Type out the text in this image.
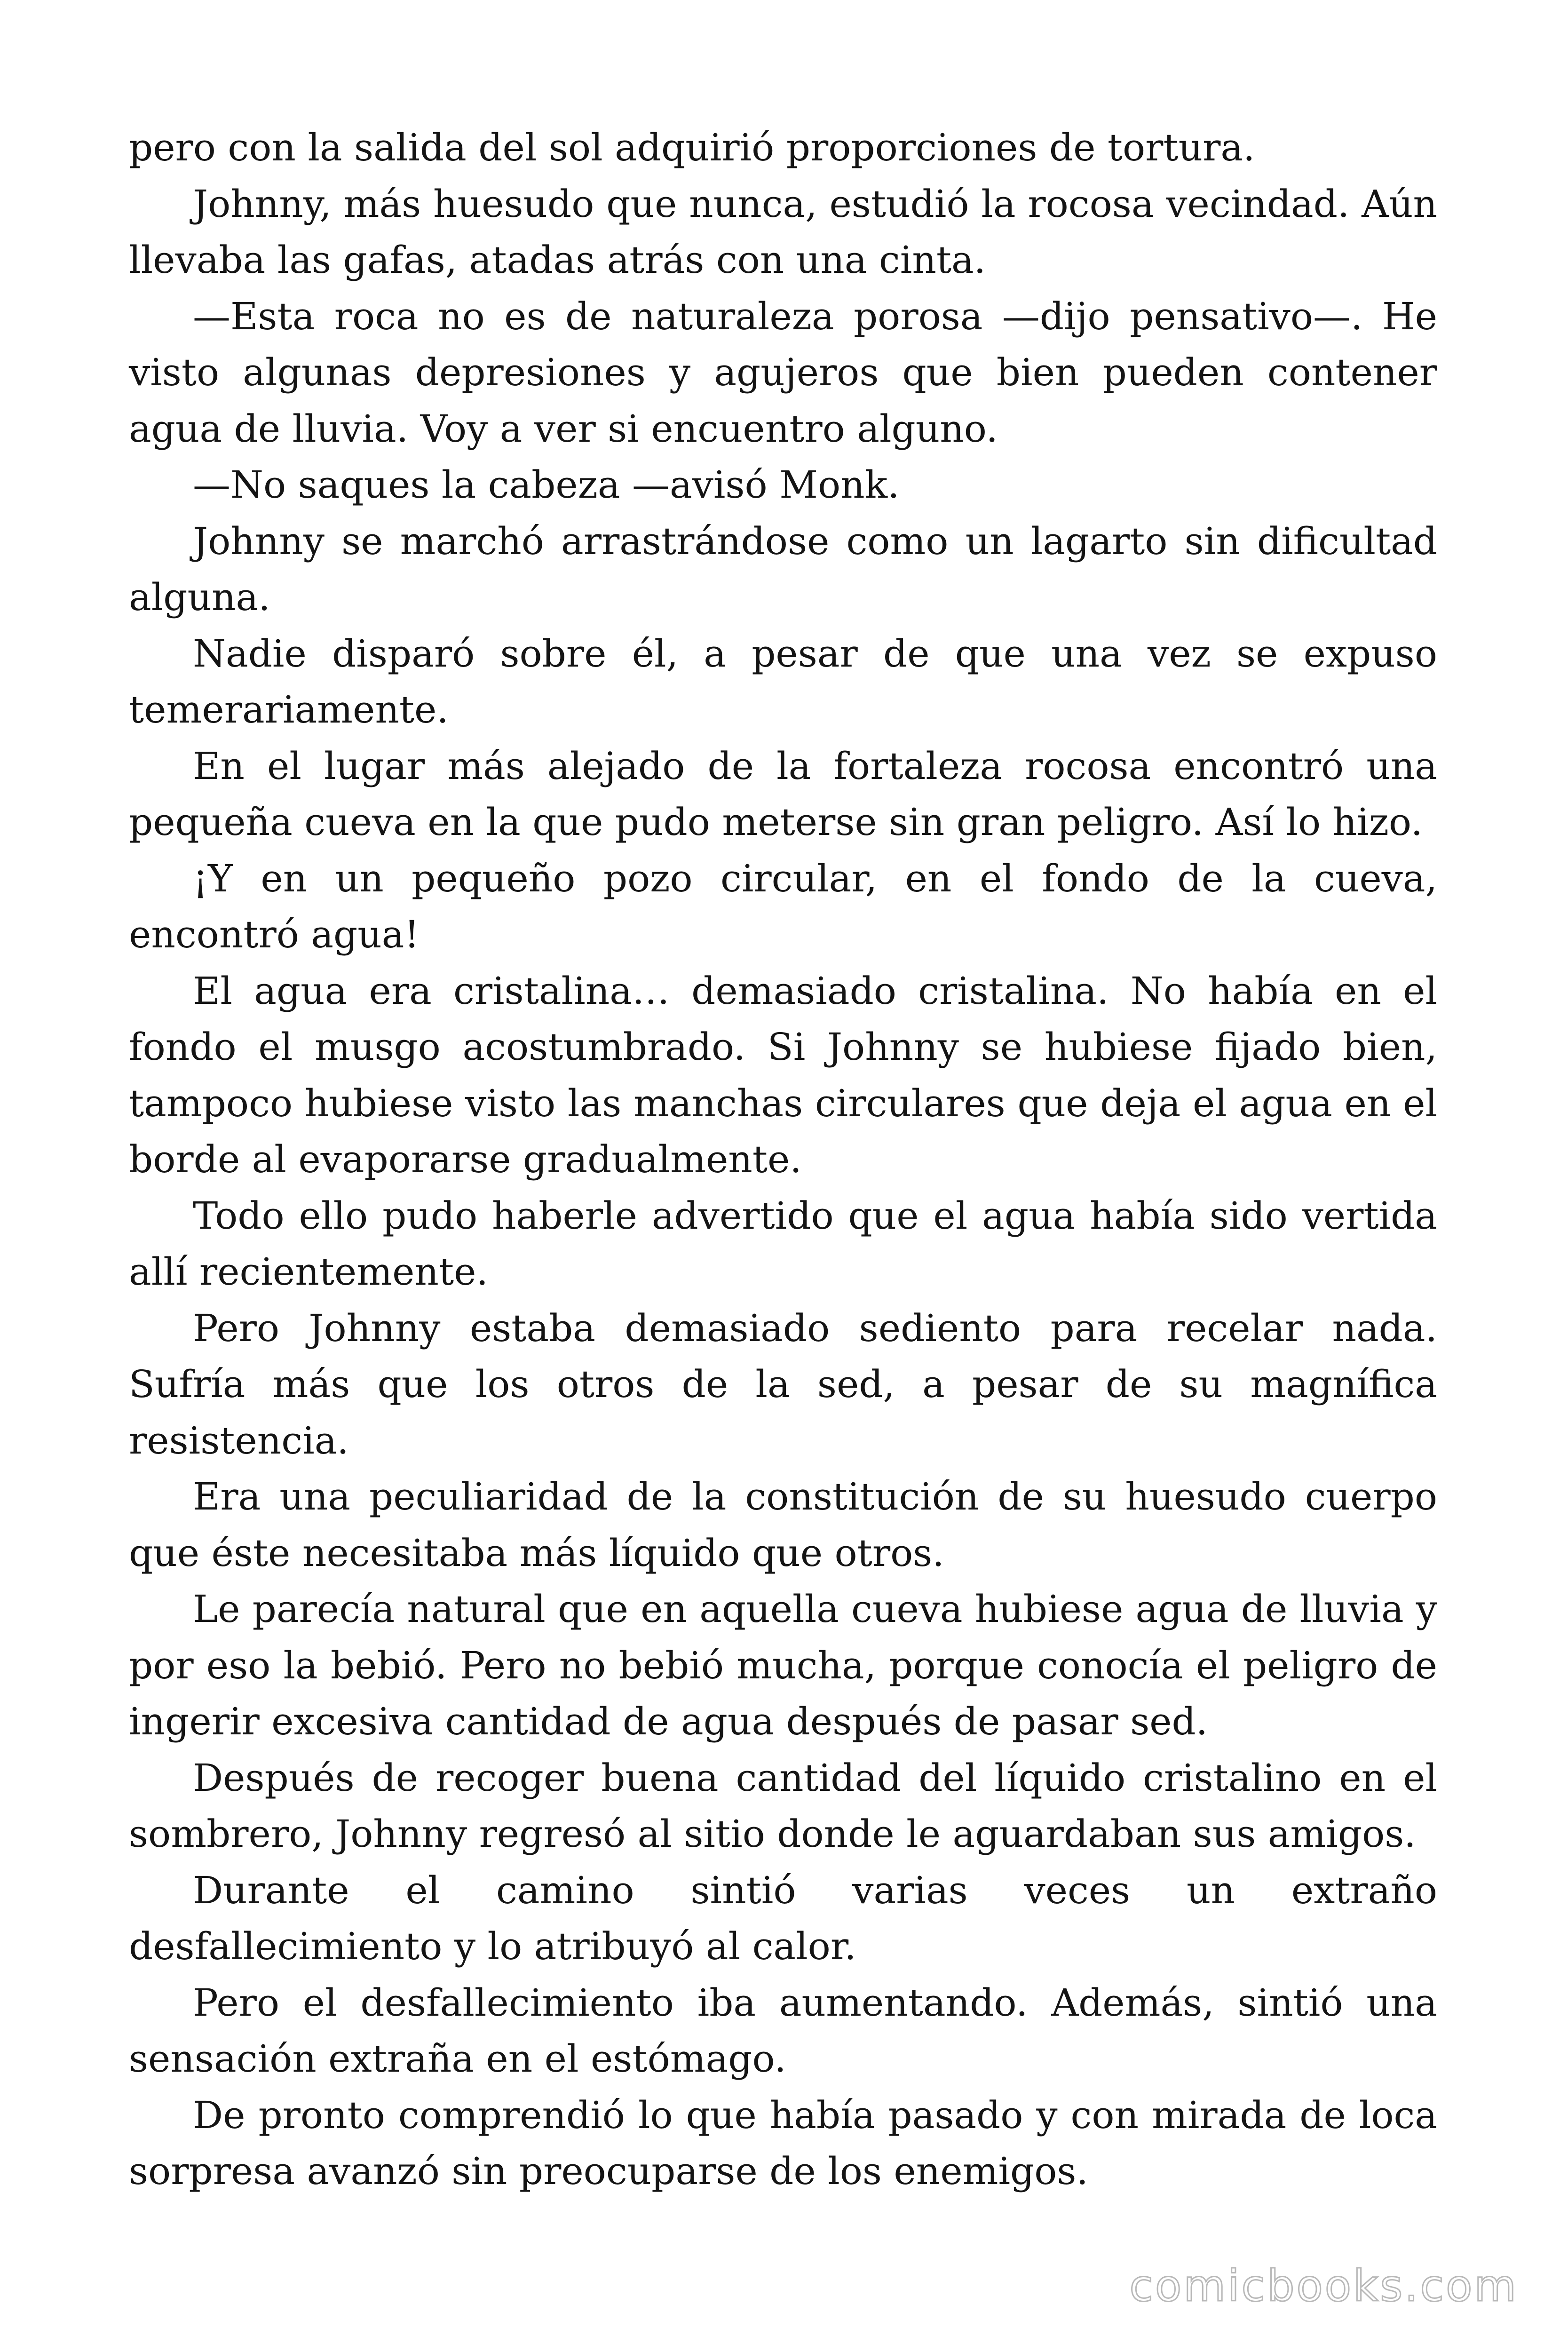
pero con la salida del sol adquirió proporciones de tortura.

Johnny, más huesudo que nunca, estudió la rocosa vecindad. Aún llevaba las gafas, atadas atrás con una cinta.

—Esta roca no es de naturaleza porosa —dijo pensativo—. He visto algunas depresiones y agujeros que bien pueden contener agua de lluvia. Voy a ver si encuentro alguno.

—No saques la cabeza —avisó Monk.

Johnny se marchó arrastrándose como un lagarto sin dificultad alguna.

Nadie disparó sobre él, a pesar de que una vez se expuso temerariamente.

En el lugar más alejado de la fortaleza rocosa encontró una pequeña cueva en la que pudo meterse sin gran peligro. Así lo hizo.

¡Y en un pequeño pozo circular, en el fondo de la cueva, encontró agua!

El agua era cristalina… demasiado cristalina. No había en el fondo el musgo acostumbrado. Si Johnny se hubiese fijado bien, tampoco hubiese visto las manchas circulares que deja el agua en el borde al evaporarse gradualmente.

Todo ello pudo haberle advertido que el agua había sido vertida allí recientemente.

Pero Johnny estaba demasiado sediento para recelar nada. Sufría más que los otros de la sed, a pesar de su magnífica resistencia.

Era una peculiaridad de la constitución de su huesudo cuerpo que éste necesitaba más líquido que otros.

Le parecía natural que en aquella cueva hubiese agua de lluvia y por eso la bebió. Pero no bebió mucha, porque conocía el peligro de ingerir excesiva cantidad de agua después de pasar sed.

Después de recoger buena cantidad del líquido cristalino en el sombrero, Johnny regresó al sitio donde le aguardaban sus amigos.

Durante el camino sintió varias veces un extraño desfallecimiento y lo atribuyó al calor.

Pero el desfallecimiento iba aumentando. Además, sintió una sensación extraña en el estómago.

De pronto comprendió lo que había pasado y con mirada de loca sorpresa avanzó sin preocuparse de los enemigos.

comicbooks.com
